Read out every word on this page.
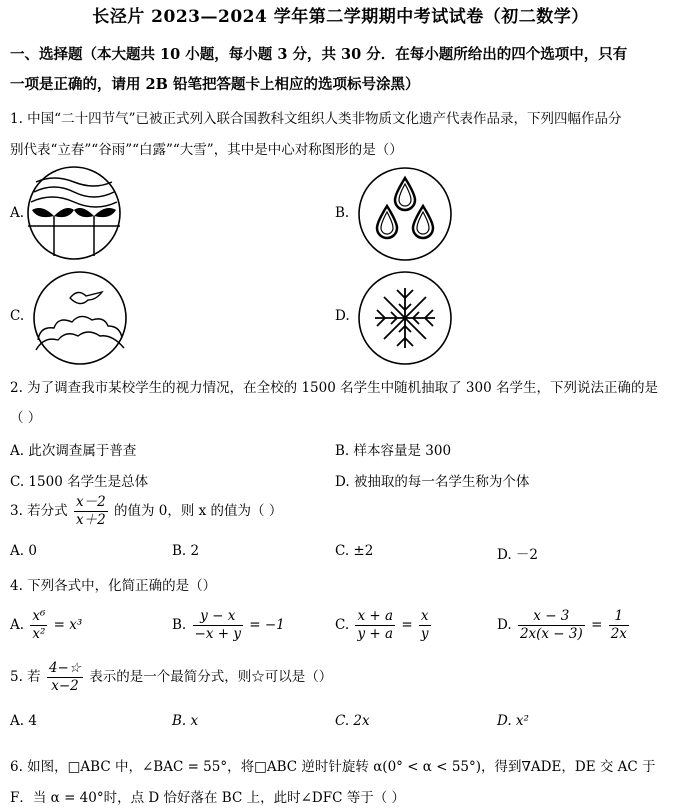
长泾片 2023—2024 学年第二学期期中考试试卷（初二数学）
一、选择题（本大题共 10 小题，每小题 3 分，共 30 分．在每小题所给出的四个选项中，只有
一项是正确的，请用 2B 铅笔把答题卡上相应的选项标号涂黑）
1. 中国“二十四节气”已被正式列入联合国教科文组织人类非物质文化遗产代表作品录，下列四幅作品分
别代表“立春”“谷雨”“白露”“大雪”，其中是中心对称图形的是（）
A.	B.
C.	D.
2. 为了调查我市某校学生的视力情况，在全校的 1500 名学生中随机抽取了 300 名学生，下列说法正确的是
（ ）
A. 此次调查属于普查	B. 样本容量是 300
C. 1500 名学生是总体	D. 被抽取的每一名学生称为个体
3. 若分式 $\frac{x-2}{x+2}$ 的值为 0，则 x 的值为（ ）
A. 0	B. 2	C. ±2	D. －2
4. 下列各式中，化简正确的是（）
A. $\frac{\text{x⁶}}{\text{x²}} = x^3$	B. $\frac{y - x}{-x + y} = -1$	C. $\frac{x + a}{y + a} = \frac{x}{y}$	D. $\frac{x - 3}{2x(x - 3)} = \frac{1}{2x}$
5. 若 $\frac{4-☆}{x-2}$ 表示的是一个最简分式，则☆可以是（）
A. 4	B. x	C. 2x	D. x²
6. 如图，□ABC 中，∠BAC = 55°，将□ABC 逆时针旋转 α(0° < α < 55°)，得到∇ADE，DE 交 AC 于
F．当 α = 40°时，点 D 恰好落在 BC 上，此时∠DFC 等于（ ）
